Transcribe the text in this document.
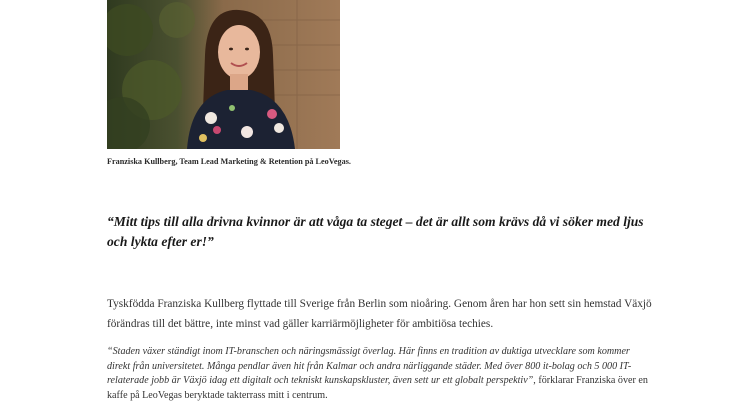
Franziska Kullberg, Team Lead Marketing & Retention på LeoVegas.
“Mitt tips till alla drivna kvinnor är att våga ta steget – det är allt som krävs då vi söker med ljus och lykta efter er!”
Tyskfödda Franziska Kullberg flyttade till Sverige från Berlin som nioåring. Genom åren har hon sett sin hemstad Växjö förändras till det bättre, inte minst vad gäller karriärmöjligheter för ambitiösa techies.
“Staden växer ständigt inom IT-branschen och näringsmässigt överlag. Här finns en tradition av duktiga utvecklare som kommer direkt från universitetet. Många pendlar även hit från Kalmar och andra närliggande städer. Med över 800 it-bolag och 5 000 IT-relaterade jobb är Växjö idag ett digitalt och tekniskt kunskapskluster, även sett ur ett globalt perspektiv”, förklarar Franziska över en kaffe på LeoVegas beryktade takterrass mitt i centrum.
